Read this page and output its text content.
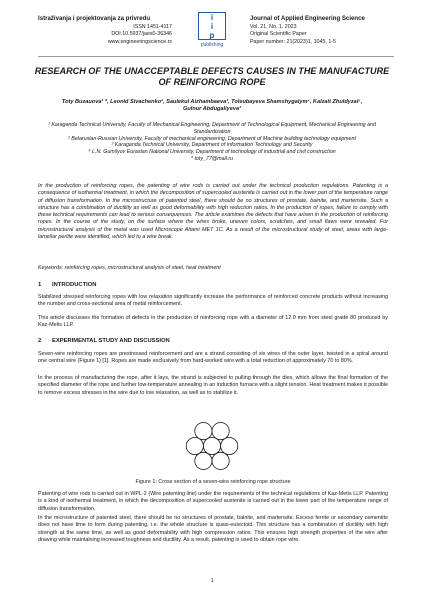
Istraživanja i projektovanja za privredu

ISSN 1451-4117
DOI:10.5937/jaes0-36346
www.engineeringscience.rs
i
i
p
publishing
Journal of Applied Engineering Science
Vol. 21, No. 1, 2023
Original Scientific Paper
Paper number: 21(2023)1, 1045, 1-5
RESEARCH OF THE UNACCEPTABLE DEFECTS CAUSES IN THE MANUFACTURE OF REINFORCING ROPE
Toty Buzauova¹ *, Leonid Sivachenko², Saulekul Aizhambaeva³, Toleubayeva Shamshygalym⁴, Kalzait Zhuldyzai⁵, Gulnur Abdugaliyeva³
¹ Karaganda Technical University, Faculty of Mechanical Engineering, Department of Technological Equipment, Mechanical Engineering and Standardization
² Belarusian-Russian University, Faculty of mechanical engineering, Department of Machine building technology equipment
³ Karaganda Technical University, Department of Information Technology and Security
⁴ L.N. Gumilyov Eurasian National University, Department of technology of industrial and civil construction
* toty_77@mail.ru
In the production of reinforcing ropes, the patenting of wire rods is carried out under the technical production regulations. Patenting is a consequence of isothermal treatment, in which the decomposition of supercooled austenite is carried out in the lower part of the temperature range of diffusion transformation. In the microstructure of patented steel, there should be no structures of prostate, bainite, and martensite. Such a structure has a combination of ductility as well as good deformability with high reduction ratios. In the production of ropes, failure to comply with these technical requirements can lead to serious consequences. The article examines the defects that have arisen in the production of reinforcing ropes. In the course of the study, on the surface where the wires broke, uneven colors, scratches, and small flaws were revealed. For microstructural analysis of the metal was used Microscope Altami MET 1C. As a result of the microstructural study of steel, areas with large-lamellar perlite were identified, which led to a wire break.
Keywords: reinforcing ropes, microstructural analysis of steel, heat treatment
1 INTRODUCTION
Stabilized stressed reinforcing ropes with low relaxation significantly increase the performance of reinforced concrete products without increasing the number and cross-sectional area of metal reinforcement.
This article discusses the formation of defects in the production of reinforcing rope with a diameter of 12.0 mm from steel grade 80 produced by Kaz-Metis LLP.
2 EXPERIMENTAL STUDY AND DISCUSSION
Seven-wire reinforcing ropes are prestressed reinforcement and are a strand consisting of six wires of the outer layer, twisted in a spiral around one central wire (Figure 1) [1]. Ropes are made exclusively from hard-worked wire with a total reduction of approximately 70 to 80%.
In the process of manufacturing the rope, after it lays, the strand is subjected to pulling through the dies, which allows the final formation of the specified diameter of the rope and further low-temperature annealing in an induction furnace with a slight tension. Heat treatment makes it possible to remove excess stresses in the wire due to low relaxation, as well as to stabilize it.
Figure 1: Cross section of a seven-wire reinforcing rope structure
Patenting of wire rods is carried out in WPL-2 (Wire patenting line) under the requirements of the technical regulations of Kaz-Metis LLP. Patenting is a kind of isothermal treatment, in which the decomposition of supercooled austenite is carried out in the lower part of the temperature range of diffusion transformation.
In the microstructure of patented steel, there should be no structures of prostate, bainite, and martensite. Excess ferrite or secondary cementite does not have time to form during patenting, i.e. the whole structure is quasi-eutectoid. This structure has a combination of ductility with high strength at the same time, as well as good deformability with high compression ratios. This ensures high strength properties of the wire after drawing while maintaining increased toughness and ductility. As a result, patenting is used to obtain rope wire.
1
